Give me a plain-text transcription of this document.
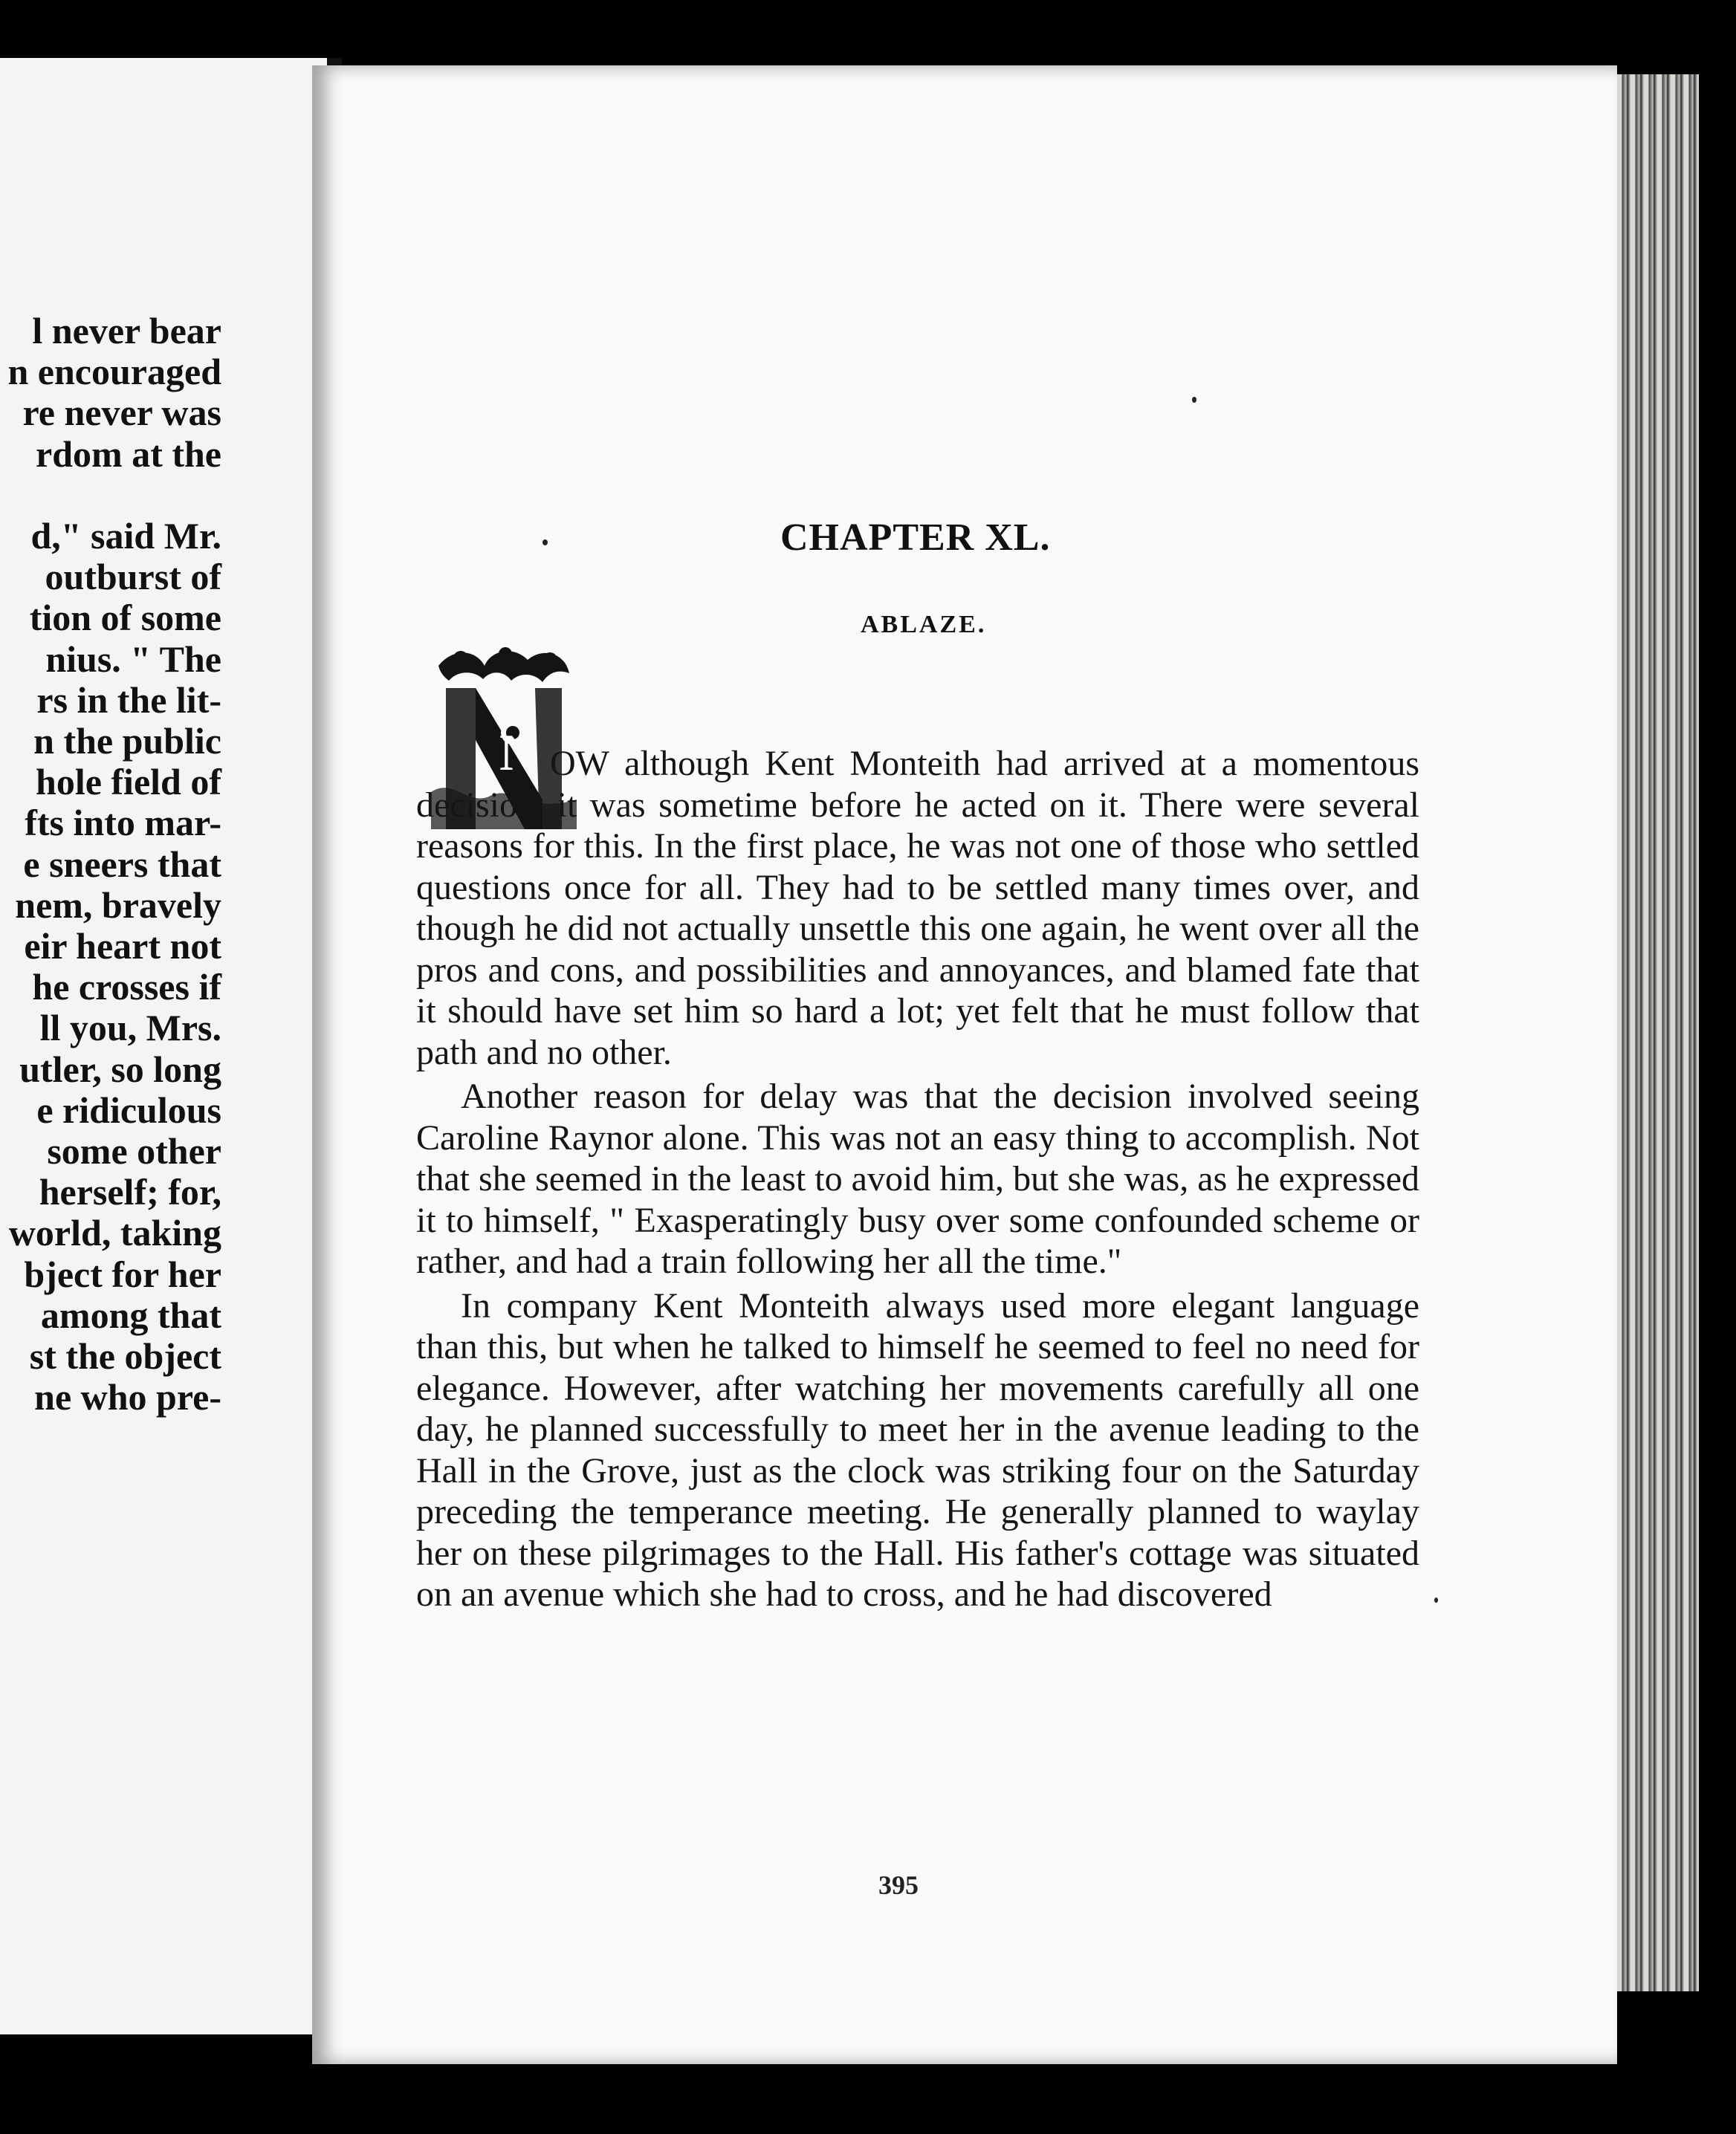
l never bear
n encouraged
re never was
rdom at the

d," said Mr.
outburst of
tion of some
nius. " The
rs in the lit-
n the public
hole field of
fts into mar-
e sneers that
nem, bravely
eir heart not
he crosses if
ll you, Mrs.
utler, so long
e ridiculous
some other
herself; for,
world, taking
bject for her
among that
st the object
ne who pre-
CHAPTER XL.
ABLAZE.
N OW although Kent Monteith had arrived at a momentous decision, it was sometime before he acted on it. There were several reasons for this. In the first place, he was not one of those who settled questions once for all. They had to be settled many times over, and though he did not actually unsettle this one again, he went over all the pros and cons, and possibilities and annoyances, and blamed fate that it should have set him so hard a lot; yet felt that he must follow that path and no other.

Another reason for delay was that the decision involved seeing Caroline Raynor alone. This was not an easy thing to accomplish. Not that she seemed in the least to avoid him, but she was, as he expressed it to himself, " Exasperatingly busy over some confounded scheme or rather, and had a train following her all the time."

In company Kent Monteith always used more elegant language than this, but when he talked to himself he seemed to feel no need for elegance. However, after watching her movements carefully all one day, he planned successfully to meet her in the avenue leading to the Hall in the Grove, just as the clock was striking four on the Saturday preceding the temperance meeting. He generally planned to waylay her on these pilgrimages to the Hall. His father's cottage was situated on an avenue which she had to cross, and he had discovered

395
